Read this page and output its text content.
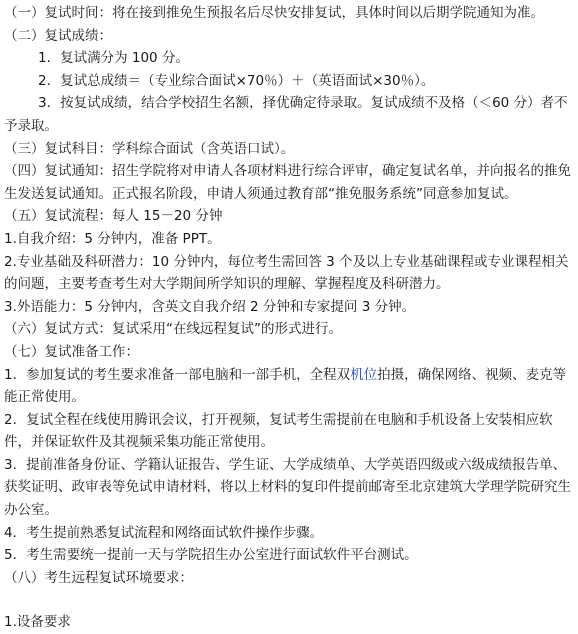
（一）复试时间：将在接到推免生预报名后尽快安排复试，具体时间以后期学院通知为准。

（二）复试成绩：

1．复试满分为 100 分。

2．复试总成绩＝（专业综合面试×70％）＋（英语面试×30％）。

3．按复试成绩，结合学校招生名额，择优确定待录取。复试成绩不及格（＜60 分）者不予录取。

（三）复试科目：学科综合面试（含英语口试）。

（四）复试通知：招生学院将对申请人各项材料进行综合评审，确定复试名单，并向报名的推免生发送复试通知。正式报名阶段，申请人须通过教育部“推免服务系统”同意参加复试。

（五）复试流程：每人 15－20 分钟

1.自我介绍：5 分钟内，准备 PPT。

2.专业基础及科研潜力：10 分钟内，每位考生需回答 3 个及以上专业基础课程或专业课程相关的问题，主要考查考生对大学期间所学知识的理解、掌握程度及科研潜力。

3.外语能力：5 分钟内，含英文自我介绍 2 分钟和专家提问 3 分钟。

（六）复试方式：复试采用“在线远程复试”的形式进行。

（七）复试准备工作：

1．参加复试的考生要求准备一部电脑和一部手机，全程双机位拍摄，确保网络、视频、麦克等能正常使用。

2．复试全程在线使用腾讯会议，打开视频，复试考生需提前在电脑和手机设备上安装相应软件，并保证软件及其视频采集功能正常使用。

3．提前准备身份证、学籍认证报告、学生证、大学成绩单、大学英语四级或六级成绩报告单、获奖证明、政审表等免试申请材料，将以上材料的复印件提前邮寄至北京建筑大学理学院研究生办公室。

4．考生提前熟悉复试流程和网络面试软件操作步骤。

5．考生需要统一提前一天与学院招生办公室进行面试软件平台测试。

（八）考生远程复试环境要求：

1.设备要求
